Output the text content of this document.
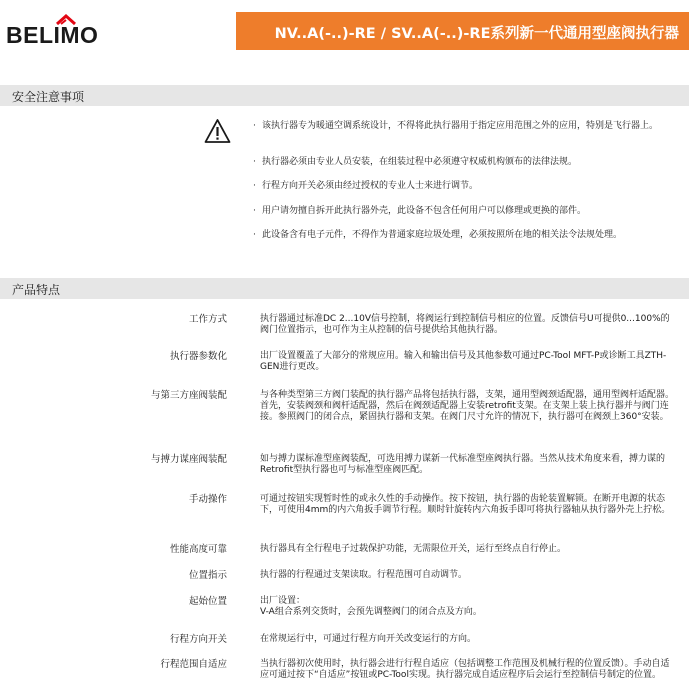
BELIMO	NV..A(-..)-RE / SV..A(-..)-RE系列新一代通用型座阀执行器
安全注意事项
· 该执行器专为暖通空调系统设计，不得将此执行器用于指定应用范围之外的应用，特别是飞行器上。
· 执行器必须由专业人员安装，在组装过程中必须遵守权威机构颁布的法律法规。
· 行程方向开关必须由经过授权的专业人士来进行调节。
· 用户请勿擅自拆开此执行器外壳，此设备不包含任何用户可以修理或更换的部件。
· 此设备含有电子元件，不得作为普通家庭垃圾处理，必须按照所在地的相关法令法规处理。
产品特点
工作方式	执行器通过标准DC 2...10V信号控制，将阀运行到控制信号相应的位置。反馈信号U可提供0...100%的阀门位置指示，也可作为主从控制的信号提供给其他执行器。
执行器参数化	出厂设置覆盖了大部分的常规应用。输入和输出信号及其他参数可通过PC-Tool MFT-P或诊断工具ZTH-GEN进行更改。
与第三方座阀装配	与各种类型第三方阀门装配的执行器产品将包括执行器，支架，通用型阀颈适配器，通用型阀杆适配器。首先，安装阀颈和阀杆适配器，然后在阀颈适配器上安装retrofit支架。在支架上装上执行器并与阀门连接。参照阀门的闭合点，紧固执行器和支架。在阀门尺寸允许的情况下，执行器可在阀颈上360°安装。
与搏力谋座阀装配	如与搏力谋标准型座阀装配，可选用搏力谋新一代标准型座阀执行器。当然从技术角度来看，搏力谋的Retrofit型执行器也可与标准型座阀匹配。
手动操作	可通过按钮实现暂时性的或永久性的手动操作。按下按钮，执行器的齿轮装置解锁。在断开电源的状态下，可使用4mm的内六角扳手调节行程。顺时针旋转内六角扳手即可将执行器轴从执行器外壳上拧松。
性能高度可靠	执行器具有全行程电子过载保护功能，无需限位开关，运行至终点自行停止。
位置指示	执行器的行程通过支架读取。行程范围可自动调节。
起始位置	出厂设置：
V-A组合系列交货时，会预先调整阀门的闭合点及方向。
行程方向开关	在常规运行中，可通过行程方向开关改变运行的方向。
行程范围自适应	当执行器初次使用时，执行器会进行行程自适应（包括调整工作范围及机械行程的位置反馈）。手动自适应可通过按下“自适应”按钮或PC-Tool实现。执行器完成自适应程序后会运行至控制信号制定的位置。
